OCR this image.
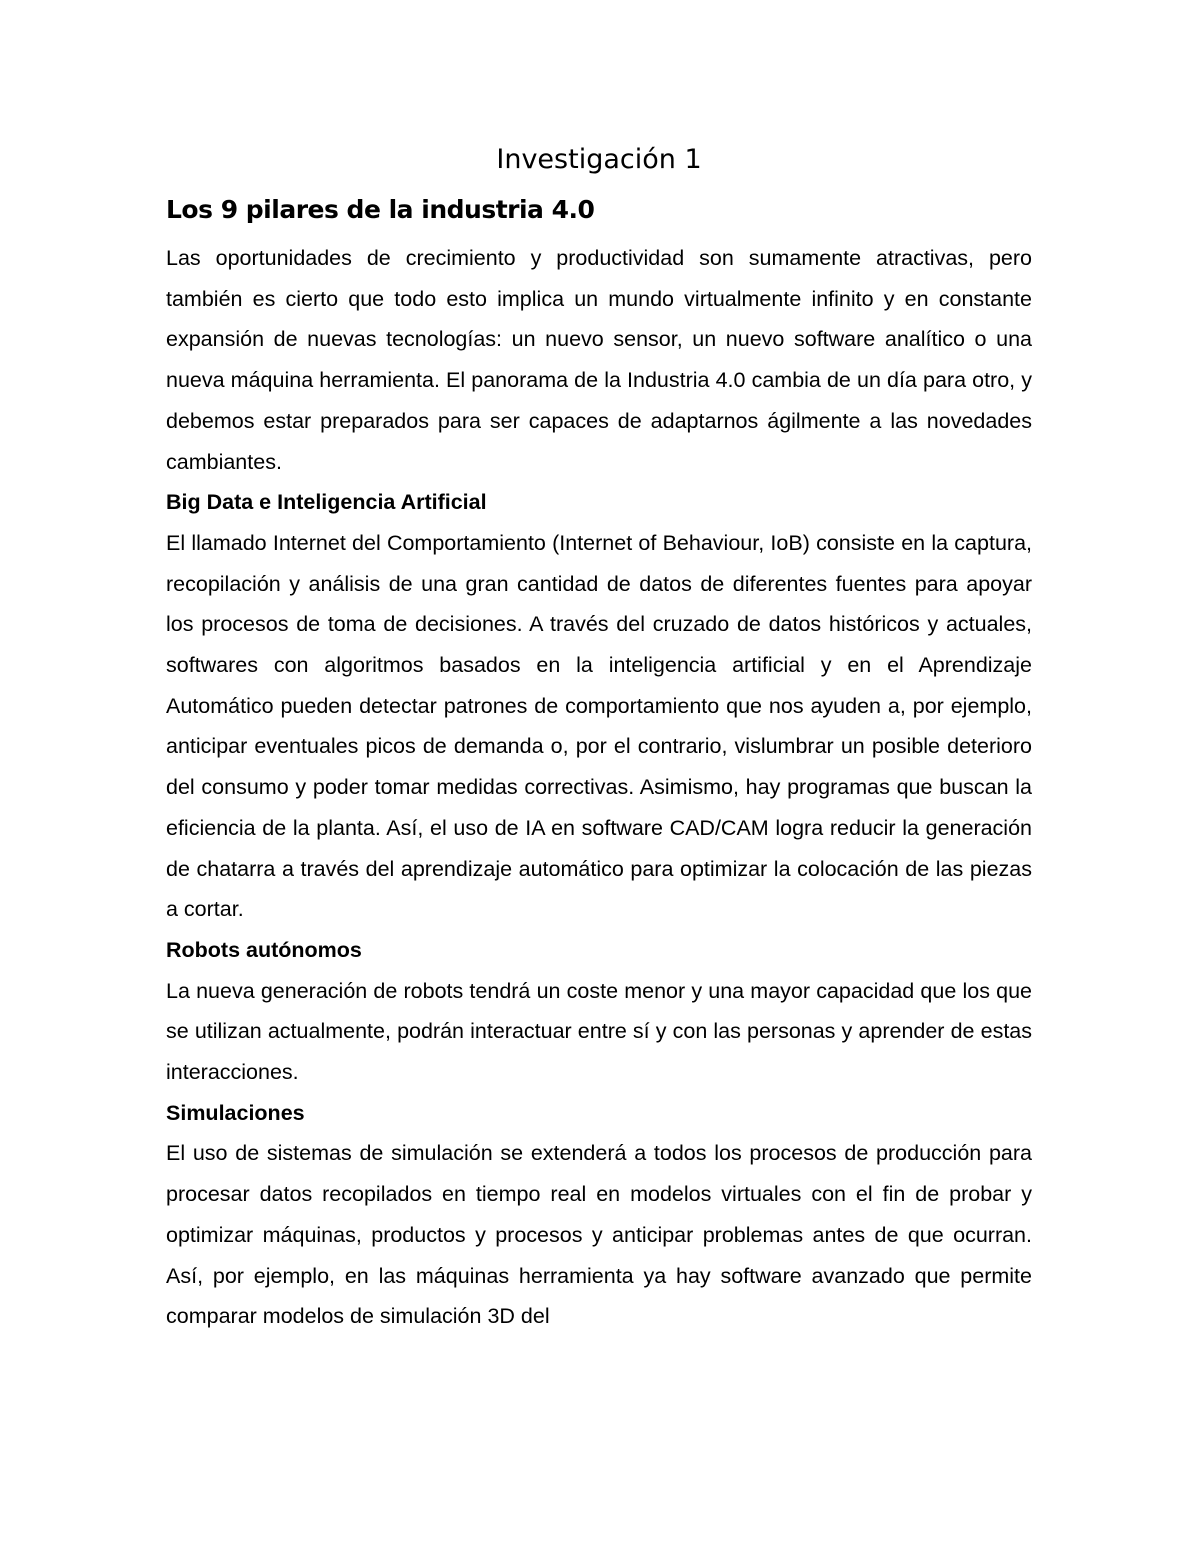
Investigación 1
Los 9 pilares de la industria 4.0

Las oportunidades de crecimiento y productividad son sumamente atractivas, pero también es cierto que todo esto implica un mundo virtualmente infinito y en constante expansión de nuevas tecnologías: un nuevo sensor, un nuevo software analítico o una nueva máquina herramienta. El panorama de la Industria 4.0 cambia de un día para otro, y debemos estar preparados para ser capaces de adaptarnos ágilmente a las novedades cambiantes.

Big Data e Inteligencia Artificial

El llamado Internet del Comportamiento (Internet of Behaviour, IoB) consiste en la captura, recopilación y análisis de una gran cantidad de datos de diferentes fuentes para apoyar los procesos de toma de decisiones. A través del cruzado de datos históricos y actuales, softwares con algoritmos basados en la inteligencia artificial y en el Aprendizaje Automático pueden detectar patrones de comportamiento que nos ayuden a, por ejemplo, anticipar eventuales picos de demanda o, por el contrario, vislumbrar un posible deterioro del consumo y poder tomar medidas correctivas. Asimismo, hay programas que buscan la eficiencia de la planta. Así, el uso de IA en software CAD/CAM logra reducir la generación de chatarra a través del aprendizaje automático para optimizar la colocación de las piezas a cortar.

Robots autónomos

La nueva generación de robots tendrá un coste menor y una mayor capacidad que los que se utilizan actualmente, podrán interactuar entre sí y con las personas y aprender de estas interacciones.

Simulaciones

El uso de sistemas de simulación se extenderá a todos los procesos de producción para procesar datos recopilados en tiempo real en modelos virtuales con el fin de probar y optimizar máquinas, productos y procesos y anticipar problemas antes de que ocurran. Así, por ejemplo, en las máquinas herramienta ya hay software avanzado que permite comparar modelos de simulación 3D del
